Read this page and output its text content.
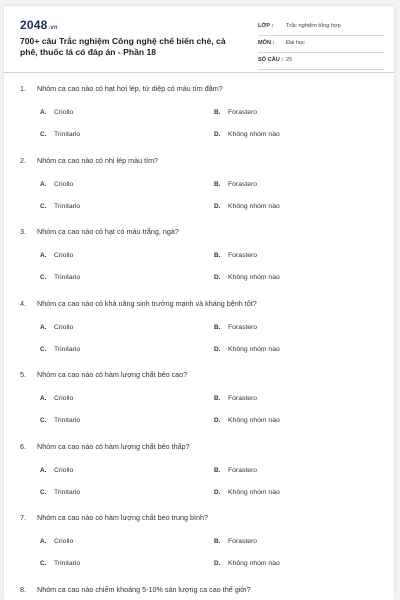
2048.vn
700+ câu Trắc nghiệm Công nghệ chế biến chè, cà phê, thuốc lá có đáp án - Phần 18
LỚP : Trắc nghiệm tổng hợp
MÔN : Đại học
SỐ CÂU : 25
1. Nhóm ca cao nào có hạt hơi lép, tử diệp có màu tím đậm?
A. Criollo	B. Forastero
C. Trinitario	D. Không nhóm nào
2. Nhóm ca cao nào có nhị lép màu tím?
A. Criollo	B. Forastero
C. Trinitario	D. Không nhóm nào
3. Nhóm ca cao nào có hạt có màu trắng, ngà?
A. Criollo	B. Forastero
C. Trinitario	D. Không nhóm nào
4. Nhóm ca cao nào có khả năng sinh trưởng mạnh và kháng bệnh tốt?
A. Criollo	B. Forastero
C. Trinitario	D. Không nhóm nào
5. Nhóm ca cao nào có hàm lượng chất béo cao?
A. Criollo	B. Forastero
C. Trinitario	D. Không nhóm nào
6. Nhóm ca cao nào có hàm lượng chất béo thấp?
A. Criollo	B. Forastero
C. Trinitario	D. Không nhóm nào
7. Nhóm ca cao nào có hàm lượng chất béo trung bình?
A. Criollo	B. Forastero
C. Trinitario	D. Không nhóm nào
8. Nhóm ca cao nào chiếm khoảng 5-10% sản lượng ca cao thế giới?
